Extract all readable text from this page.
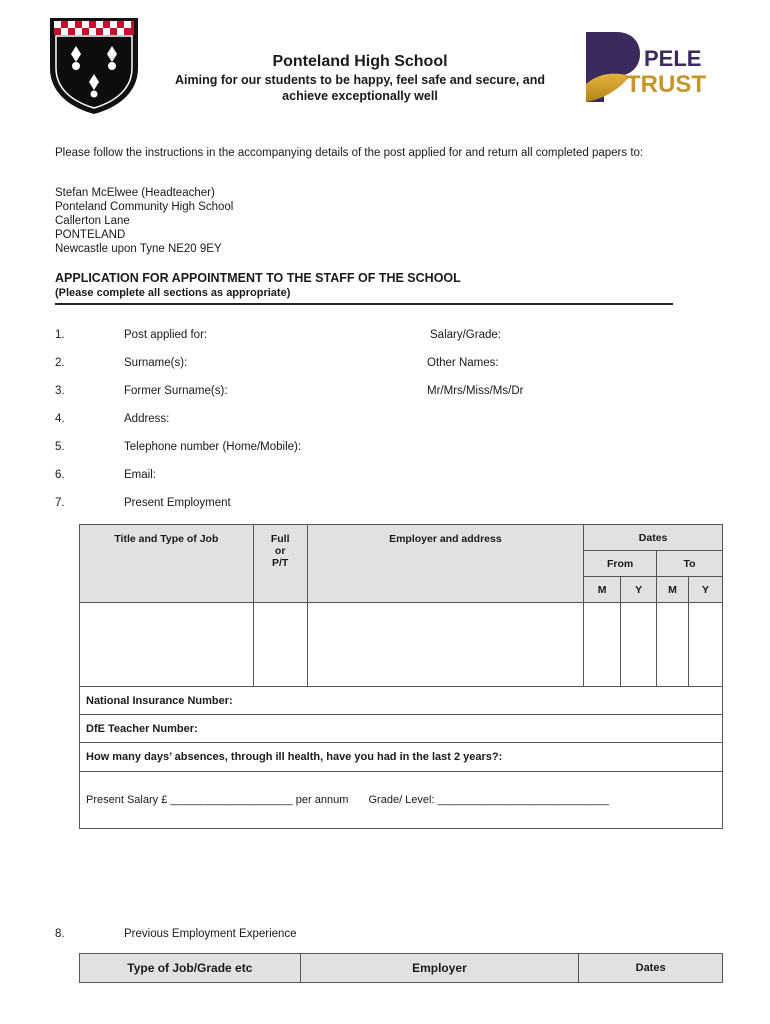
Ponteland High School
Aiming for our students to be happy, feel safe and secure, and
achieve exceptionally well
PELE
TRUST
Please follow the instructions in the accompanying details of the post applied for and return all completed papers to:
Stefan McElwee (Headteacher)
Ponteland Community High School
Callerton Lane
PONTELAND
Newcastle upon Tyne NE20 9EY
APPLICATION FOR APPOINTMENT TO THE STAFF OF THE SCHOOL
(Please complete all sections as appropriate)
1.	Post applied for:	Salary/Grade:
2.	Surname(s):	Other Names:
3.	Former Surname(s):	Mr/Mrs/Miss/Ms/Dr
4.	Address:
5.	Telephone number (Home/Mobile):
6.	Email:
7.	Present Employment
Title and Type of Job	Full
or
P/T	Employer and address	Dates			
			From		To	
			M	Y	M	Y

National Insurance Number:						
DfE Teacher Number:						
How many days’ absences, through ill health, have you had in the last 2 years?:						
Present Salary £ ____________________ per annum Grade/ Level: ____________________________						
8.	Previous Employment Experience
Type of Job/Grade etc	Employer	Dates
